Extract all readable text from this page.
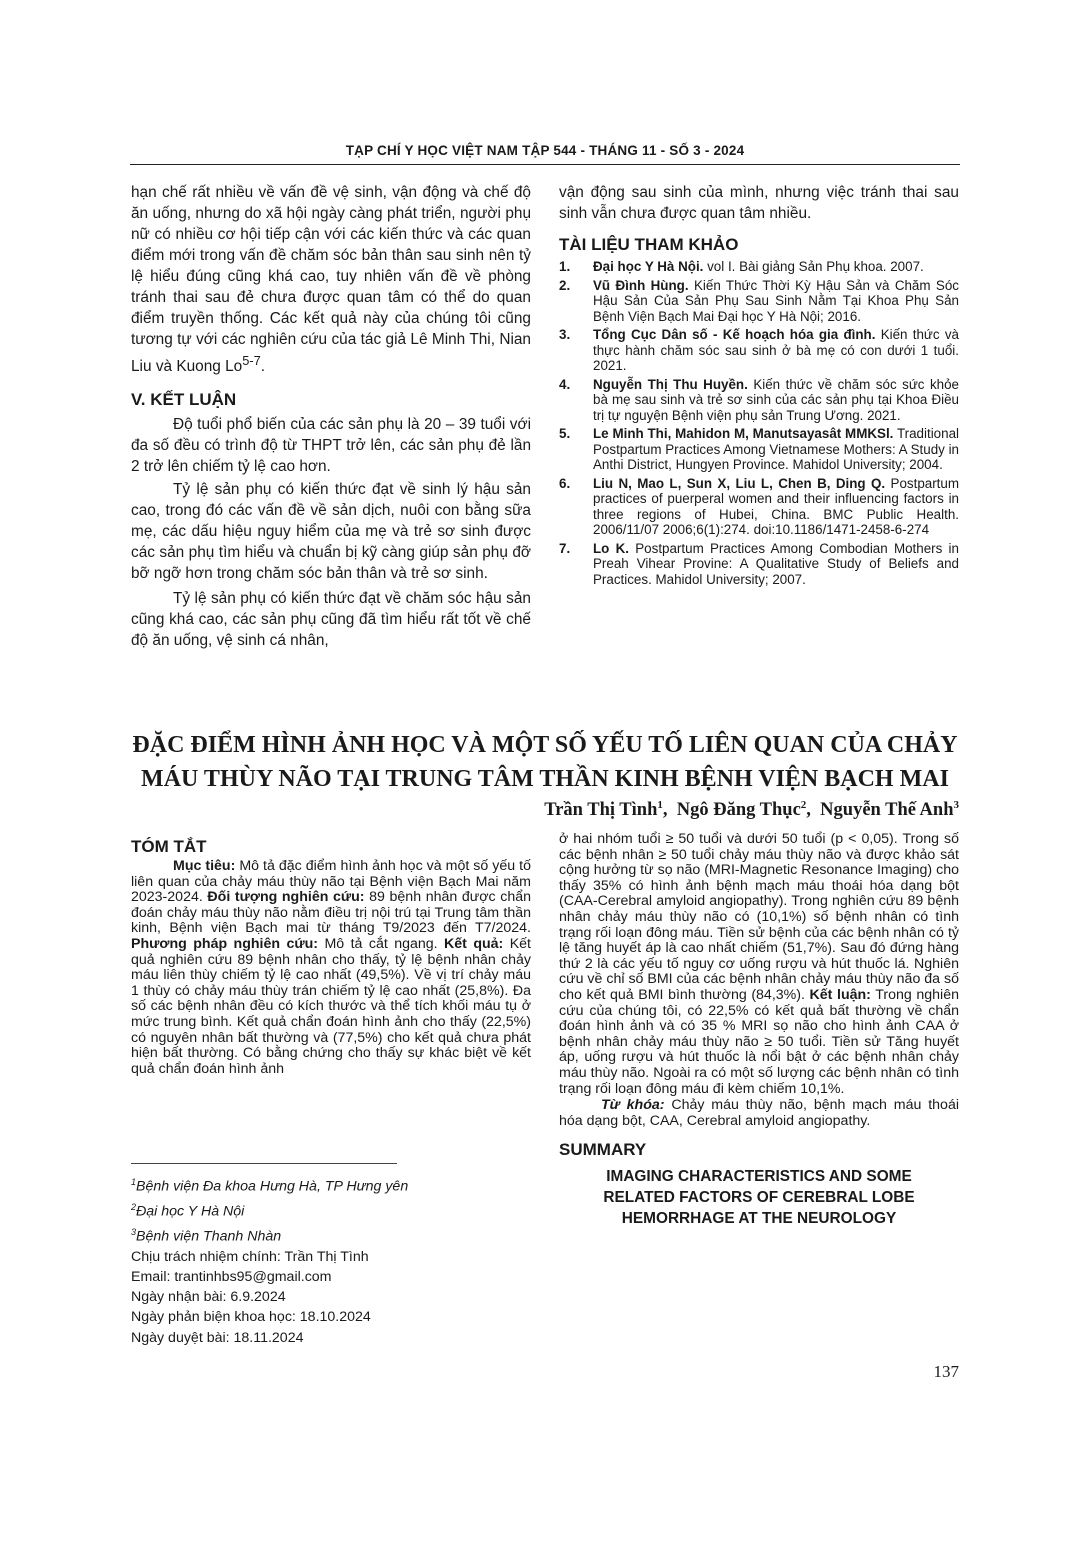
TẠP CHÍ Y HỌC VIỆT NAM TẬP 544 - THÁNG 11 - SỐ 3 - 2024

hạn chế rất nhiều về vấn đề vệ sinh, vận động và chế độ ăn uống, nhưng do xã hội ngày càng phát triển, người phụ nữ có nhiều cơ hội tiếp cận với các kiến thức và các quan điểm mới trong vấn đề chăm sóc bản thân sau sinh nên tỷ lệ hiểu đúng cũng khá cao, tuy nhiên vấn đề về phòng tránh thai sau đẻ chưa được quan tâm có thể do quan điểm truyền thống. Các kết quả này của chúng tôi cũng tương tự với các nghiên cứu của tác giả Lê Minh Thi, Nian Liu và Kuong Lo$^{5-7}$.

V. KẾT LUẬN

Độ tuổi phổ biến của các sản phụ là 20 – 39 tuổi với đa số đều có trình độ từ THPT trở lên, các sản phụ đẻ lần 2 trở lên chiếm tỷ lệ cao hơn.

Tỷ lệ sản phụ có kiến thức đạt về sinh lý hậu sản cao, trong đó các vấn đề về sản dịch, nuôi con bằng sữa mẹ, các dấu hiệu nguy hiểm của mẹ và trẻ sơ sinh được các sản phụ tìm hiểu và chuẩn bị kỹ càng giúp sản phụ đỡ bỡ ngỡ hơn trong chăm sóc bản thân và trẻ sơ sinh.

Tỷ lệ sản phụ có kiến thức đạt về chăm sóc hậu sản cũng khá cao, các sản phụ cũng đã tìm hiểu rất tốt về chế độ ăn uống, vệ sinh cá nhân,

vận động sau sinh của mình, nhưng việc tránh thai sau sinh vẫn chưa được quan tâm nhiều.

TÀI LIỆU THAM KHẢO
1.	Đại học Y Hà Nội. vol I. Bài giảng Sản Phụ khoa. 2007.
2.	Vũ Đình Hùng. Kiến Thức Thời Kỳ Hậu Sản và Chăm Sóc Hậu Sản Của Sản Phụ Sau Sinh Nằm Tại Khoa Phụ Sản Bệnh Viện Bạch Mai Đại học Y Hà Nội; 2016.
3.	Tổng Cục Dân số - Kế hoạch hóa gia đình. Kiến thức và thực hành chăm sóc sau sinh ở bà mẹ có con dưới 1 tuổi. 2021.
4.	Nguyễn Thị Thu Huyền. Kiến thức về chăm sóc sức khỏe bà mẹ sau sinh và trẻ sơ sinh của các sản phụ tại Khoa Điều trị tự nguyện Bệnh viện phụ sản Trung Ương. 2021.
5.	Le Minh Thi, Mahidon M, Manutsayasât MMKSl. Traditional Postpartum Practices Among Vietnamese Mothers: A Study in Anthi District, Hungyen Province. Mahidol University; 2004.
6.	Liu N, Mao L, Sun X, Liu L, Chen B, Ding Q. Postpartum practices of puerperal women and their influencing factors in three regions of Hubei, China. BMC Public Health. 2006/11/07 2006;6(1):274. doi:10.1186/1471-2458-6-274
7.	Lo K. Postpartum Practices Among Combodian Mothers in Preah Vihear Provine: A Qualitative Study of Beliefs and Practices. Mahidol University; 2007.
ĐẶC ĐIỂM HÌNH ẢNH HỌC VÀ MỘT SỐ YẾU TỐ LIÊN QUAN CỦA CHẢY
MÁU THÙY NÃO TẠI TRUNG TÂM THẦN KINH BỆNH VIỆN BẠCH MAI
Trần Thị Tình$^1$,  Ngô Đăng Thục$^2$,  Nguyễn Thế Anh$^3$
TÓM TẮT

Mục tiêu: Mô tả đặc điểm hình ảnh học và một số yếu tố liên quan của chảy máu thùy não tại Bệnh viện Bạch Mai năm 2023-2024. Đối tượng nghiên cứu: 89 bệnh nhân được chẩn đoán chảy máu thùy não nằm điều trị nội trú tại Trung tâm thần kinh, Bệnh viện Bạch mai từ tháng T9/2023 đến T7/2024. Phương pháp nghiên cứu: Mô tả cắt ngang. Kết quả: Kết quả nghiên cứu 89 bệnh nhân cho thấy, tỷ lệ bệnh nhân chảy máu liên thùy chiếm tỷ lệ cao nhất (49,5%). Về vị trí chảy máu 1 thùy có chảy máu thùy trán chiếm tỷ lệ cao nhất (25,8%). Đa số các bệnh nhân đều có kích thước và thể tích khối máu tụ ở mức trung bình. Kết quả chẩn đoán hình ảnh cho thấy (22,5%) có nguyên nhân bất thường và (77,5%) cho kết quả chưa phát hiện bất thường. Có bằng chứng cho thấy sự khác biệt về kết quả chẩn đoán hình ảnh

$^1$Bệnh viện Đa khoa Hưng Hà, TP Hưng yên
$^2$Đại học Y Hà Nội
$^3$Bệnh viện Thanh Nhàn
Chịu trách nhiệm chính: Trần Thị Tình
Email: trantinhbs95@gmail.com
Ngày nhận bài: 6.9.2024
Ngày phản biện khoa học: 18.10.2024
Ngày duyệt bài: 18.11.2024

ở hai nhóm tuổi ≥ 50 tuổi và dưới 50 tuổi (p < 0,05). Trong số các bệnh nhân ≥ 50 tuổi chảy máu thùy não và được khảo sát cộng hưởng từ sọ não (MRI-Magnetic Resonance Imaging) cho thấy 35% có hình ảnh bệnh mạch máu thoái hóa dạng bột (CAA-Cerebral amyloid angiopathy). Trong nghiên cứu 89 bệnh nhân chảy máu thùy não có (10,1%) số bệnh nhân có tình trạng rối loạn đông máu. Tiền sử bệnh của các bệnh nhân có tỷ lệ tăng huyết áp là cao nhất chiếm (51,7%). Sau đó đứng hàng thứ 2 là các yếu tố nguy cơ uống rượu và hút thuốc lá. Nghiên cứu về chỉ số BMI của các bệnh nhân chảy máu thùy não đa số cho kết quả BMI bình thường (84,3%). Kết luận: Trong nghiên cứu của chúng tôi, có 22,5% có kết quả bất thường về chẩn đoán hình ảnh và có 35 % MRI sọ não cho hình ảnh CAA ở bệnh nhân chảy máu thùy não ≥ 50 tuổi. Tiền sử Tăng huyết áp, uống rượu và hút thuốc là nổi bật ở các bệnh nhân chảy máu thùy não. Ngoài ra có một số lượng các bệnh nhân có tình trạng rối loạn đông máu đi kèm chiếm 10,1%.

Từ khóa: Chảy máu thùy não, bệnh mạch máu thoái hóa dạng bột, CAA, Cerebral amyloid angiopathy.

SUMMARY

IMAGING CHARACTERISTICS AND SOME

RELATED FACTORS OF CEREBRAL LOBE

HEMORRHAGE AT THE NEUROLOGY

137
